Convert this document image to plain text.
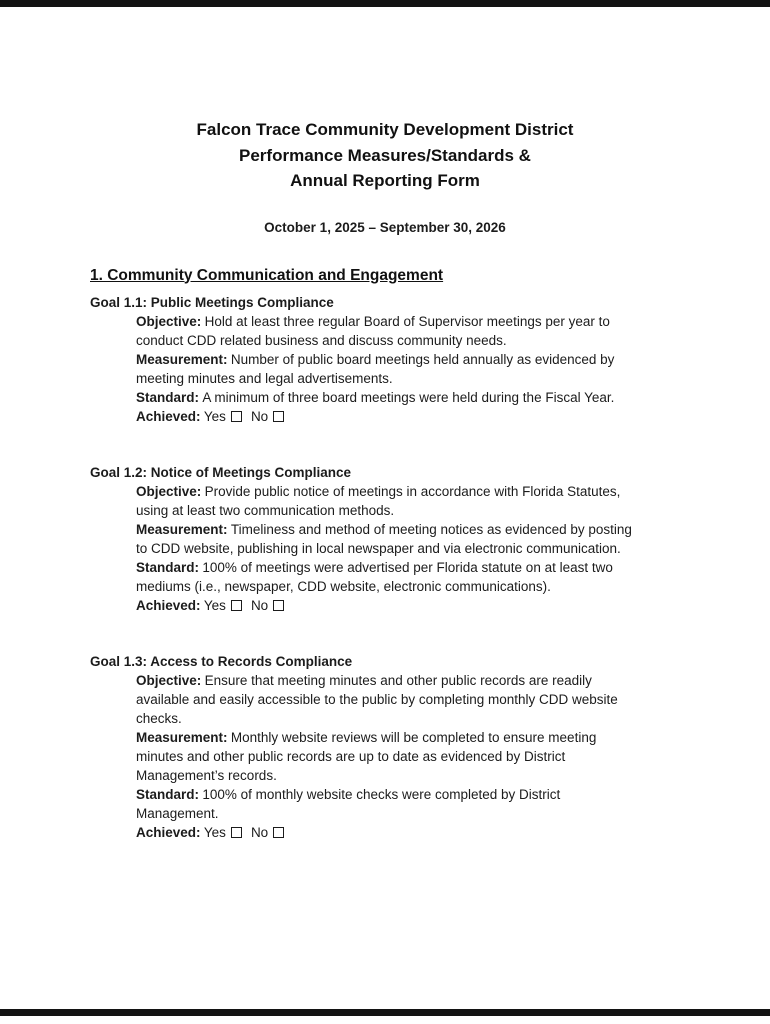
Falcon Trace Community Development District
Performance Measures/Standards &
Annual Reporting Form
October 1, 2025 – September 30, 2026
1. Community Communication and Engagement
Goal 1.1: Public Meetings Compliance

Objective: Hold at least three regular Board of Supervisor meetings per year to conduct CDD related business and discuss community needs.

Measurement: Number of public board meetings held annually as evidenced by meeting minutes and legal advertisements.

Standard: A minimum of three board meetings were held during the Fiscal Year.

Achieved: Yes No

Goal 1.2: Notice of Meetings Compliance

Objective: Provide public notice of meetings in accordance with Florida Statutes, using at least two communication methods.

Measurement: Timeliness and method of meeting notices as evidenced by posting to CDD website, publishing in local newspaper and via electronic communication.

Standard: 100% of meetings were advertised per Florida statute on at least two mediums (i.e., newspaper, CDD website, electronic communications).

Achieved: Yes No

Goal 1.3: Access to Records Compliance

Objective: Ensure that meeting minutes and other public records are readily available and easily accessible to the public by completing monthly CDD website checks.

Measurement: Monthly website reviews will be completed to ensure meeting minutes and other public records are up to date as evidenced by District Management’s records.

Standard: 100% of monthly website checks were completed by District Management.

Achieved: Yes No
